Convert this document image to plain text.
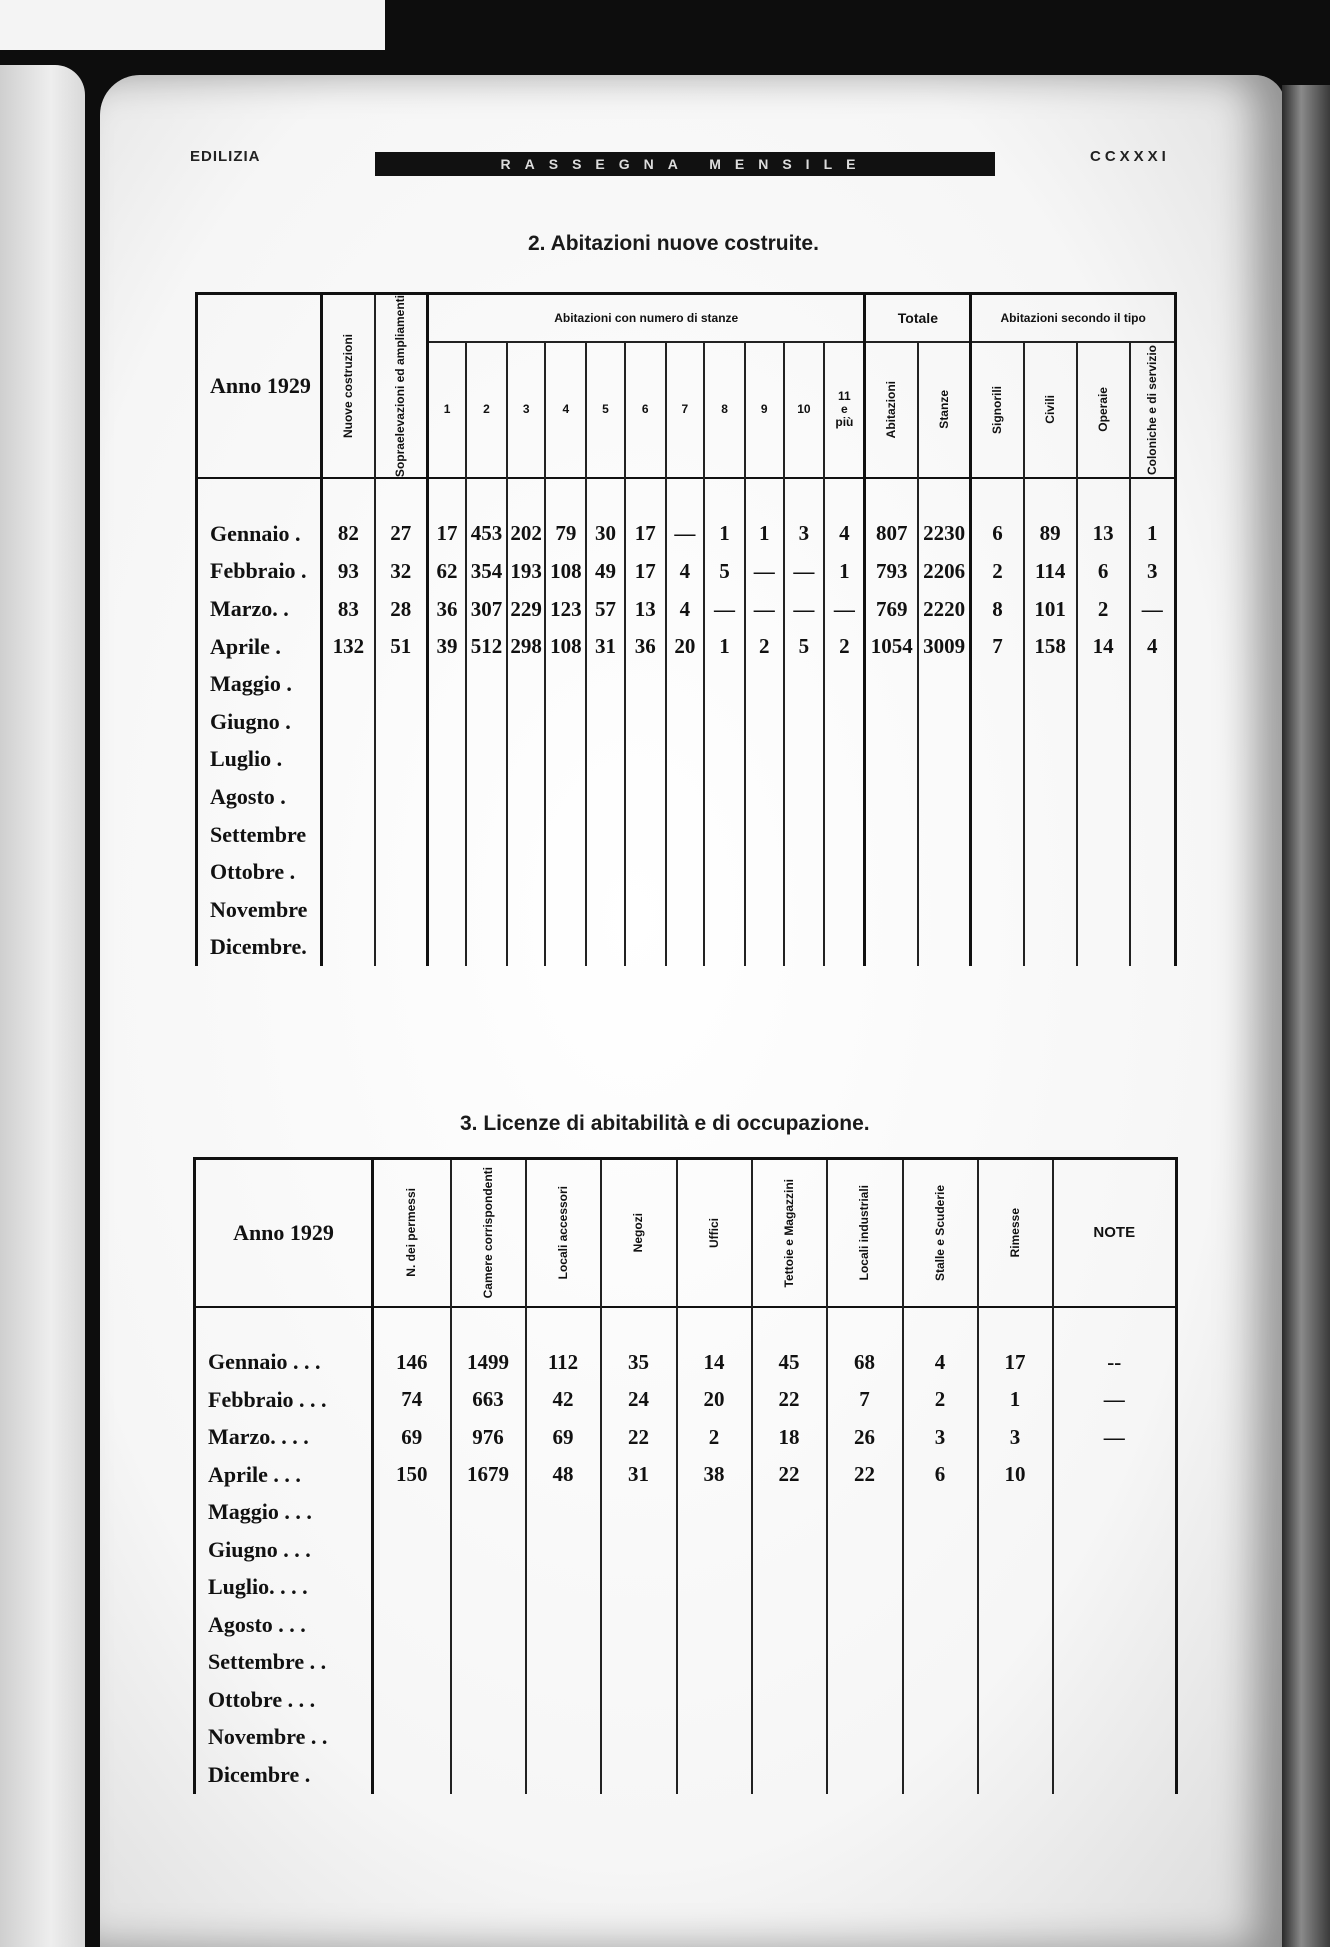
EDILIZIA	RASSEGNA MENSILE	CCXXXI
2. Abitazioni nuove costruite.
Anno 1929	Nuove costruzioni	Sopraelevazioni ed ampliamenti	Abitazioni con numero di stanze											Totale		Abitazioni secondo il tipo			
			1	2	3	4	5	6	7	8	9	10	11 e più	Abitazioni	Stanze	Signorili	Civili	Operaie	Coloniche e di servizio

Gennaio .	82	27	17	453	202	79	30	17	—	1	1	3	4	807	2230	6	89	13	1
Febbraio .	93	32	62	354	193	108	49	17	4	5	—	—	1	793	2206	2	114	6	3
Marzo. .	83	28	36	307	229	123	57	13	4	—	—	—	—	769	2220	8	101	2	—
Aprile .	132	51	39	512	298	108	31	36	20	1	2	5	2	1054	3009	7	158	14	4
Maggio .																			
Giugno .																			
Luglio .																			
Agosto .																			
Settembre																			
Ottobre .																			
Novembre																			
Dicembre.																			
3. Licenze di abitabilità e di occupazione.
Anno 1929	N. dei permessi	Camere corrispondenti	Locali accessori	Negozi	Uffici	Tettoie e Magazzini	Locali industriali	Stalle e Scuderie	Rimesse	NOTE

Gennaio . . .	146	1499	112	35	14	45	68	4	17	--
Febbraio . . .	74	663	42	24	20	22	7	2	1	—
Marzo. . . .	69	976	69	22	2	18	26	3	3	—
Aprile . . .	150	1679	48	31	38	22	22	6	10	
Maggio . . .										
Giugno . . .										
Luglio. . . .										
Agosto . . .										
Settembre . .										
Ottobre . . .										
Novembre . .										
Dicembre .										
